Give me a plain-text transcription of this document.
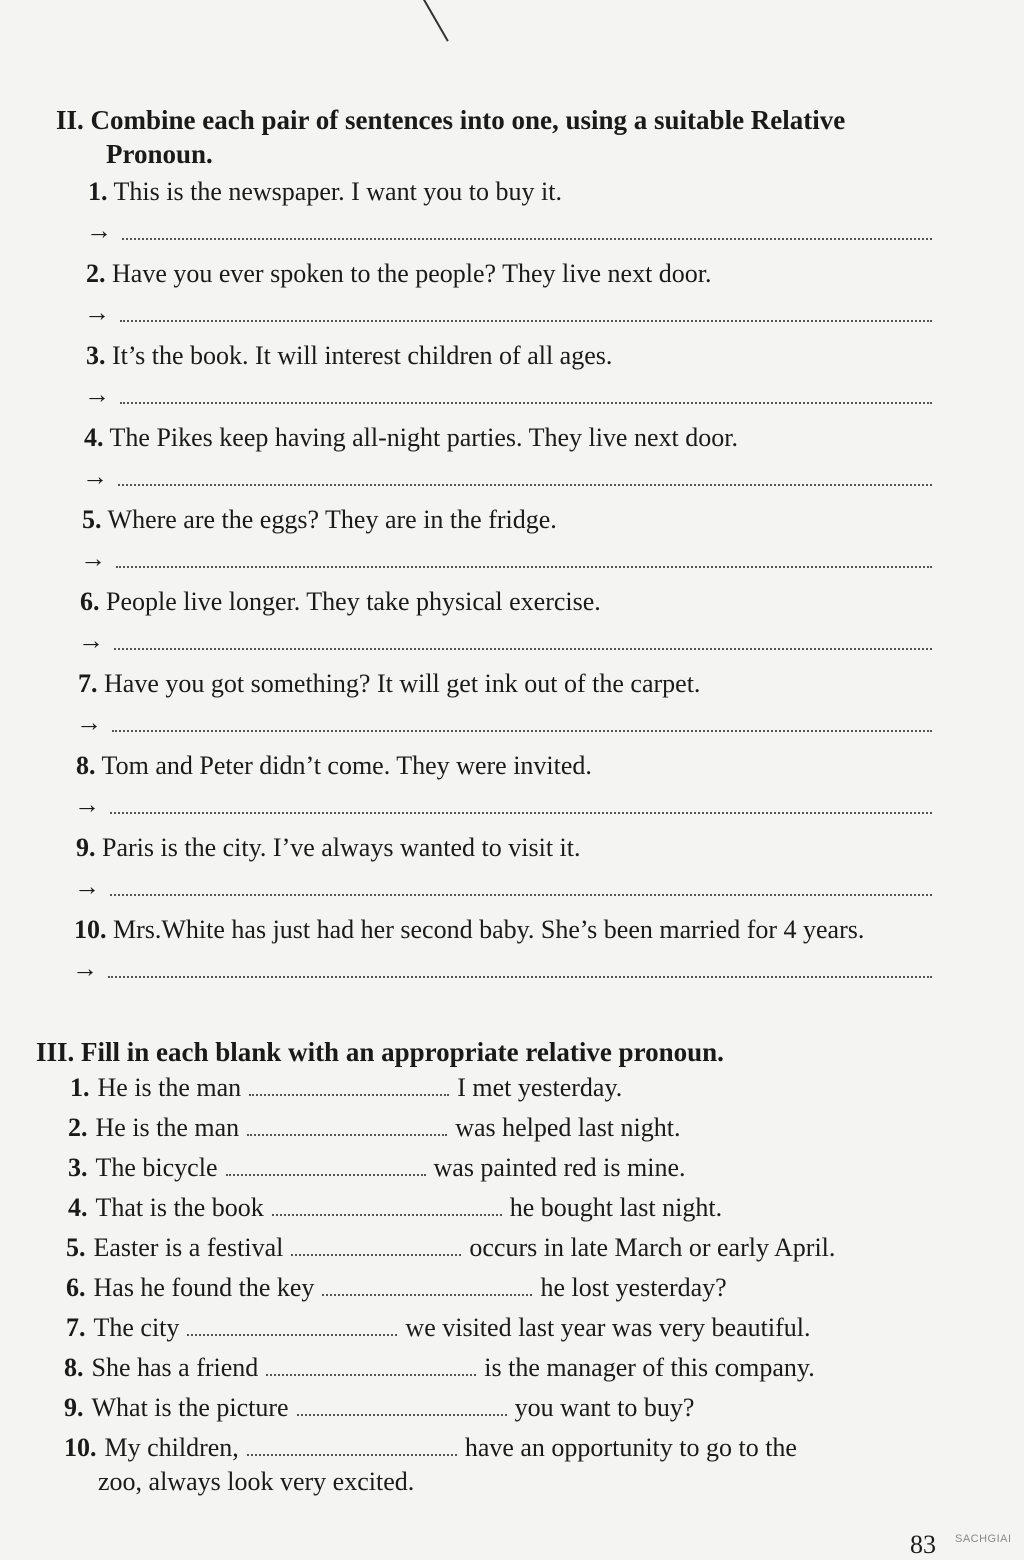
II. Combine each pair of sentences into one, using a suitable Relative
Pronoun.
1. This is the newspaper. I want you to buy it.
→
2. Have you ever spoken to the people? They live next door.
→
3. It’s the book. It will interest children of all ages.
→
4. The Pikes keep having all-night parties. They live next door.
→
5. Where are the eggs? They are in the fridge.
→
6. People live longer. They take physical exercise.
→
7. Have you got something? It will get ink out of the carpet.
→
8. Tom and Peter didn’t come. They were invited.
→
9. Paris is the city. I’ve always wanted to visit it.
→
10. Mrs.White has just had her second baby. She’s been married for 4 years.
→
III. Fill in each blank with an appropriate relative pronoun.
1. He is the man	I met yesterday.
2. He is the man	was helped last night.
3. The bicycle	was painted red is mine.
4. That is the book	he bought last night.
5. Easter is a festival	occurs in late March or early April.
6. Has he found the key	he lost yesterday?
7. The city	we visited last year was very beautiful.
8. She has a friend	is the manager of this company.
9. What is the picture	you want to buy?
10. My children,	have an opportunity to go to the
zoo, always look very excited.
83 SACHGIAI
